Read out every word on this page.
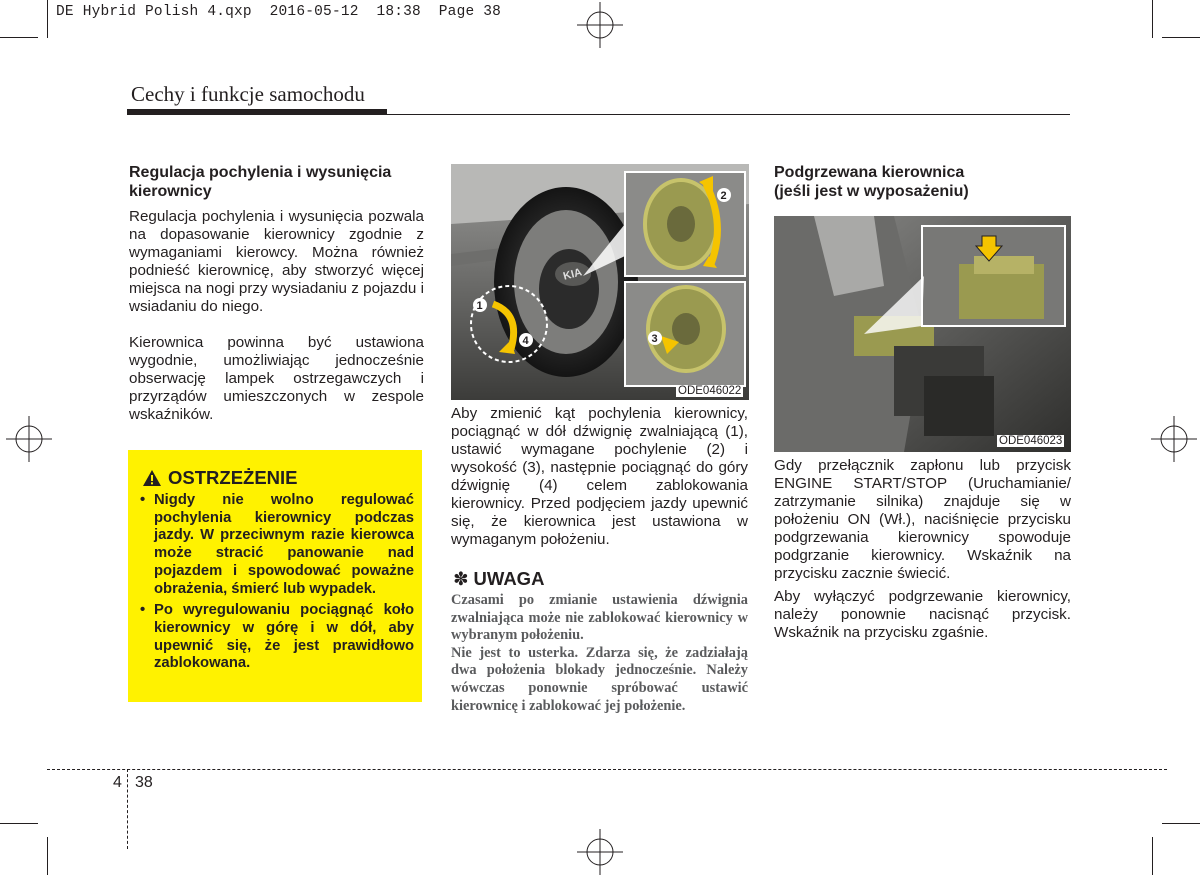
DE Hybrid Polish 4.qxp  2016-05-12  18:38  Page 38
Cechy i funkcje samochodu
Regulacja pochylenia i wysunięcia kierownicy

Regulacja pochylenia i wysunięcia pozwala na dopasowanie kierownicy zgodnie z wymaganiami kierowcy. Można również podnieść kierownicę, aby stworzyć więcej miejsca na nogi przy wysiadaniu z pojazdu i wsiadaniu do niego.

Kierownica powinna być ustawiona wygodnie, umożliwiając jednocześnie obserwację lampek ostrzegawczych i przyrządów umieszczonych w zespole wskaźników.

OSTRZEŻENIE
• Nigdy nie wolno regulować pochylenia kierownicy podczas jazdy. W przeciwnym razie kierowca może stracić panowanie nad pojazdem i spowodować poważne obrażenia, śmierć lub wypadek.
• Po wyregulowaniu pociągnąć koło kierownicy w górę i w dół, aby upewnić się, że jest prawidłowo zablokowana.
KIA
1
2
3
4
ODE046022

Aby zmienić kąt pochylenia kierownicy, pociągnąć w dół dźwignię zwalniającą (1), ustawić wymagane pochylenie (2) i wysokość (3), następnie pociągnąć do góry dźwignię (4) celem zablokowania kierownicy. Przed podjęciem jazdy upewnić się, że kierownica jest ustawiona w wymaganym położeniu.

✽ UWAGA

Czasami po zmianie ustawienia dźwignia zwalniająca może nie zablokować kierownicy w wybranym położeniu.

Nie jest to usterka. Zdarza się, że zadziałają dwa położenia blokady jednocześnie. Należy wówczas ponownie spróbować ustawić kierownicę i zablokować jej położenie.

Podgrzewana kierownica (jeśli jest w wyposażeniu)
ODE046023

Gdy przełącznik zapłonu lub przycisk ENGINE START/STOP (Uruchamianie/ zatrzymanie silnika) znajduje się w położeniu ON (Wł.), naciśnięcie przycisku podgrzewania kierownicy spowoduje podgrzanie kierownicy. Wskaźnik na przycisku zacznie świecić.

Aby wyłączyć podgrzewanie kierownicy, należy ponownie nacisnąć przycisk. Wskaźnik na przycisku zgaśnie.

4 38
